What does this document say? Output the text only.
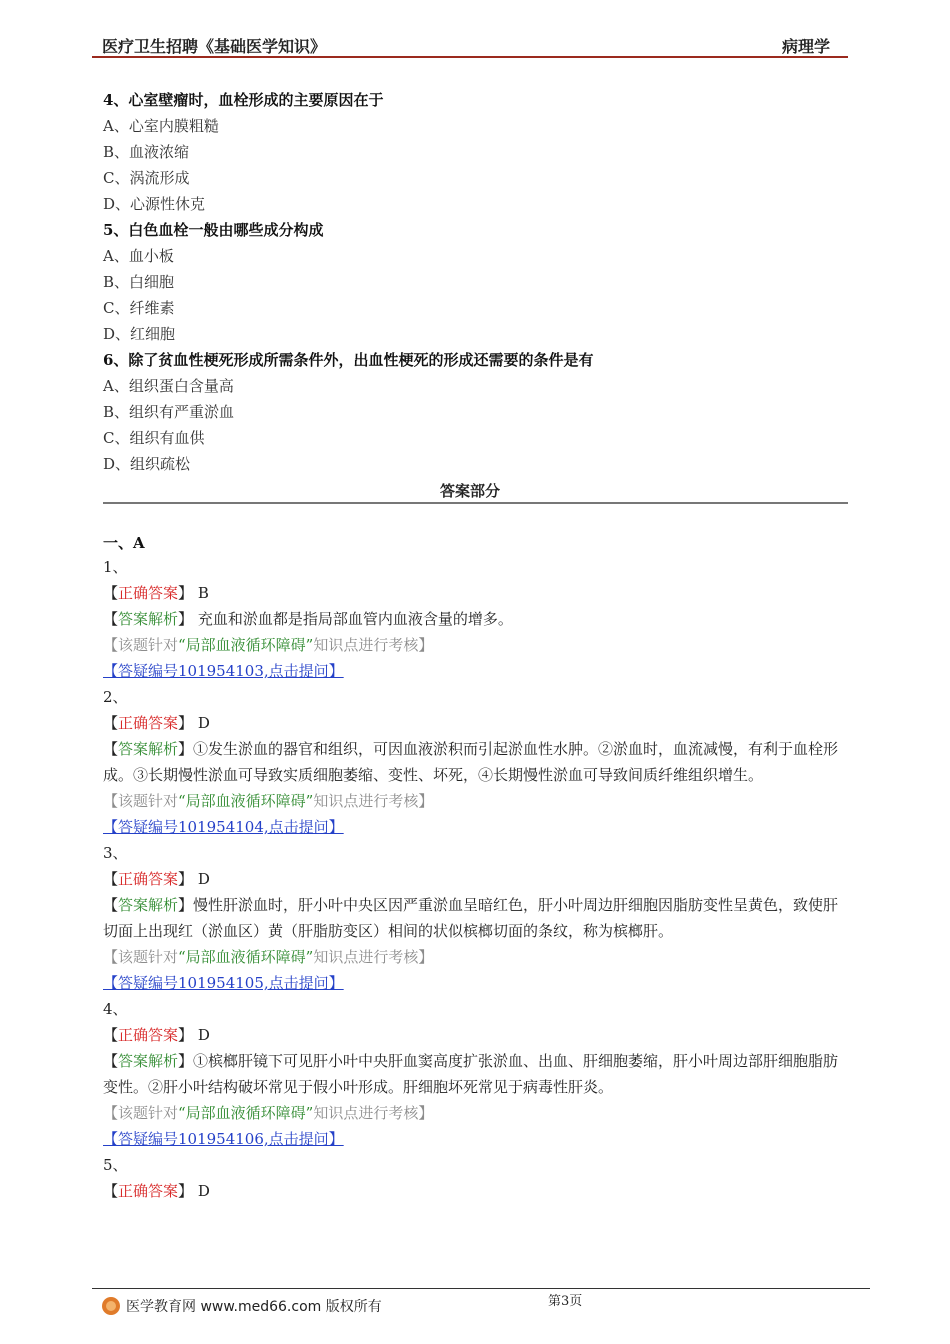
医疗卫生招聘《基础医学知识》	病理学
4、心室壁瘤时，血栓形成的主要原因在于
A、心室内膜粗糙
B、血液浓缩
C、涡流形成
D、心源性休克
5、白色血栓一般由哪些成分构成
A、血小板
B、白细胞
C、纤维素
D、红细胞
6、除了贫血性梗死形成所需条件外，出血性梗死的形成还需要的条件是有
A、组织蛋白含量高
B、组织有严重淤血
C、组织有血供
D、组织疏松
答案部分
一、A
1、
【正确答案】 B
【答案解析】 充血和淤血都是指局部血管内血液含量的增多。
【该题针对“局部血液循环障碍”知识点进行考核】
【答疑编号101954103,点击提问】
2、
【正确答案】 D
【答案解析】①发生淤血的器官和组织，可因血液淤积而引起淤血性水肿。②淤血时，血流减慢，有利于血栓形成。③长期慢性淤血可导致实质细胞萎缩、变性、坏死，④长期慢性淤血可导致间质纤维组织增生。
【该题针对“局部血液循环障碍”知识点进行考核】
【答疑编号101954104,点击提问】
3、
【正确答案】 D
【答案解析】慢性肝淤血时，肝小叶中央区因严重淤血呈暗红色，肝小叶周边肝细胞因脂肪变性呈黄色，致使肝切面上出现红（淤血区）黄（肝脂肪变区）相间的状似槟榔切面的条纹，称为槟榔肝。
【该题针对“局部血液循环障碍”知识点进行考核】
【答疑编号101954105,点击提问】
4、
【正确答案】 D
【答案解析】①槟榔肝镜下可见肝小叶中央肝血窦高度扩张淤血、出血、肝细胞萎缩，肝小叶周边部肝细胞脂肪变性。②肝小叶结构破坏常见于假小叶形成。肝细胞坏死常见于病毒性肝炎。
【该题针对“局部血液循环障碍”知识点进行考核】
【答疑编号101954106,点击提问】
5、
【正确答案】 D
第3页
医学教育网 www.med66.com 版权所有
